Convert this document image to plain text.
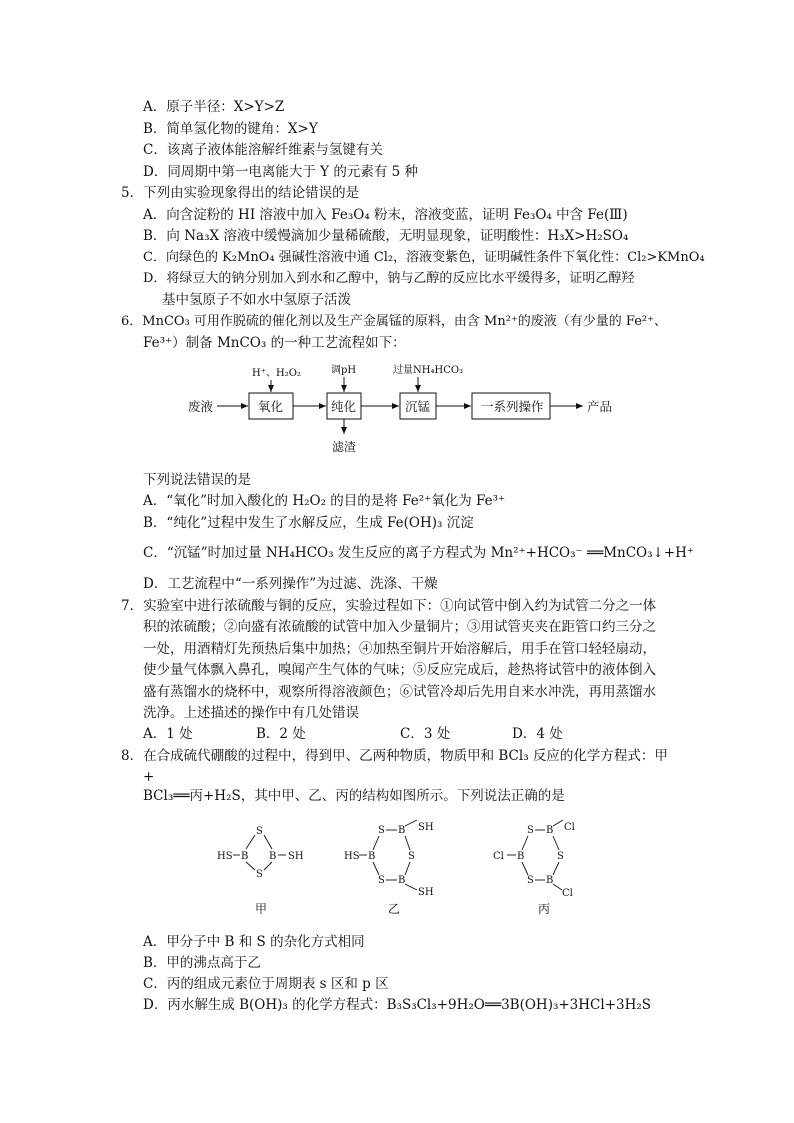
A．原子半径：X>Y>Z
B．简单氢化物的键角：X>Y
C．该离子液体能溶解纤维素与氢键有关
D．同周期中第一电离能大于 Y 的元素有 5 种
5．下列由实验现象得出的结论错误的是
A．向含淀粉的 HI 溶液中加入 Fe₃O₄ 粉末，溶液变蓝，证明 Fe₃O₄ 中含 Fe(Ⅲ)
B．向 Na₃X 溶液中缓慢滴加少量稀硫酸，无明显现象，证明酸性：H₃X>H₂SO₄
C．向绿色的 K₂MnO₄ 强碱性溶液中通 Cl₂，溶液变紫色，证明碱性条件下氧化性：Cl₂>KMnO₄
D．将绿豆大的钠分别加入到水和乙醇中，钠与乙醇的反应比水平缓得多，证明乙醇羟
基中氢原子不如水中氢原子活泼
6．MnCO₃ 可用作脱硫的催化剂以及生产金属锰的原料，由含 Mn²⁺的废液（有少量的 Fe²⁺、
Fe³⁺）制备 MnCO₃ 的一种工艺流程如下：
废液	氧化
H⁺、H₂O₂
纯化
调pH
滤渣
沉锰
过量NH₄HCO₃
一系列操作	产品
S
B B
S
HS	SH
甲
S B SH
B
HS	S
S B
SH
乙
S B Cl
B
Cl	S
S B
Cl
丙
下列说法错误的是
A．“氧化”时加入酸化的 H₂O₂ 的目的是将 Fe²⁺氧化为 Fe³⁺
B．“纯化”过程中发生了水解反应，生成 Fe(OH)₃ 沉淀
C．“沉锰”时加过量 NH₄HCO₃ 发生反应的离子方程式为 Mn²⁺+HCO₃⁻ ══MnCO₃↓+H⁺
D．工艺流程中“一系列操作”为过滤、洗涤、干燥
7．实验室中进行浓硫酸与铜的反应，实验过程如下：①向试管中倒入约为试管二分之一体
积的浓硫酸；②向盛有浓硫酸的试管中加入少量铜片；③用试管夹夹在距管口约三分之
一处，用酒精灯先预热后集中加热；④加热至铜片开始溶解后，用手在管口轻轻扇动，
使少量气体飘入鼻孔，嗅闻产生气体的气味；⑤反应完成后，趁热将试管中的液体倒入
盛有蒸馏水的烧杯中，观察所得溶液颜色；⑥试管冷却后先用自来水冲洗，再用蒸馏水
洗净。上述描述的操作中有几处错误
A．1 处	B．2 处	C．3 处	D．4 处
8．在合成硫代硼酸的过程中，得到甲、乙两种物质，物质甲和 BCl₃ 反应的化学方程式：甲
+
BCl₃══丙+H₂S，其中甲、乙、丙的结构如图所示。下列说法正确的是
A．甲分子中 B 和 S 的杂化方式相同
B．甲的沸点高于乙
C．丙的组成元素位于周期表 s 区和 p 区
D．丙水解生成 B(OH)₃ 的化学方程式：B₃S₃Cl₃+9H₂O══3B(OH)₃+3HCl+3H₂S
